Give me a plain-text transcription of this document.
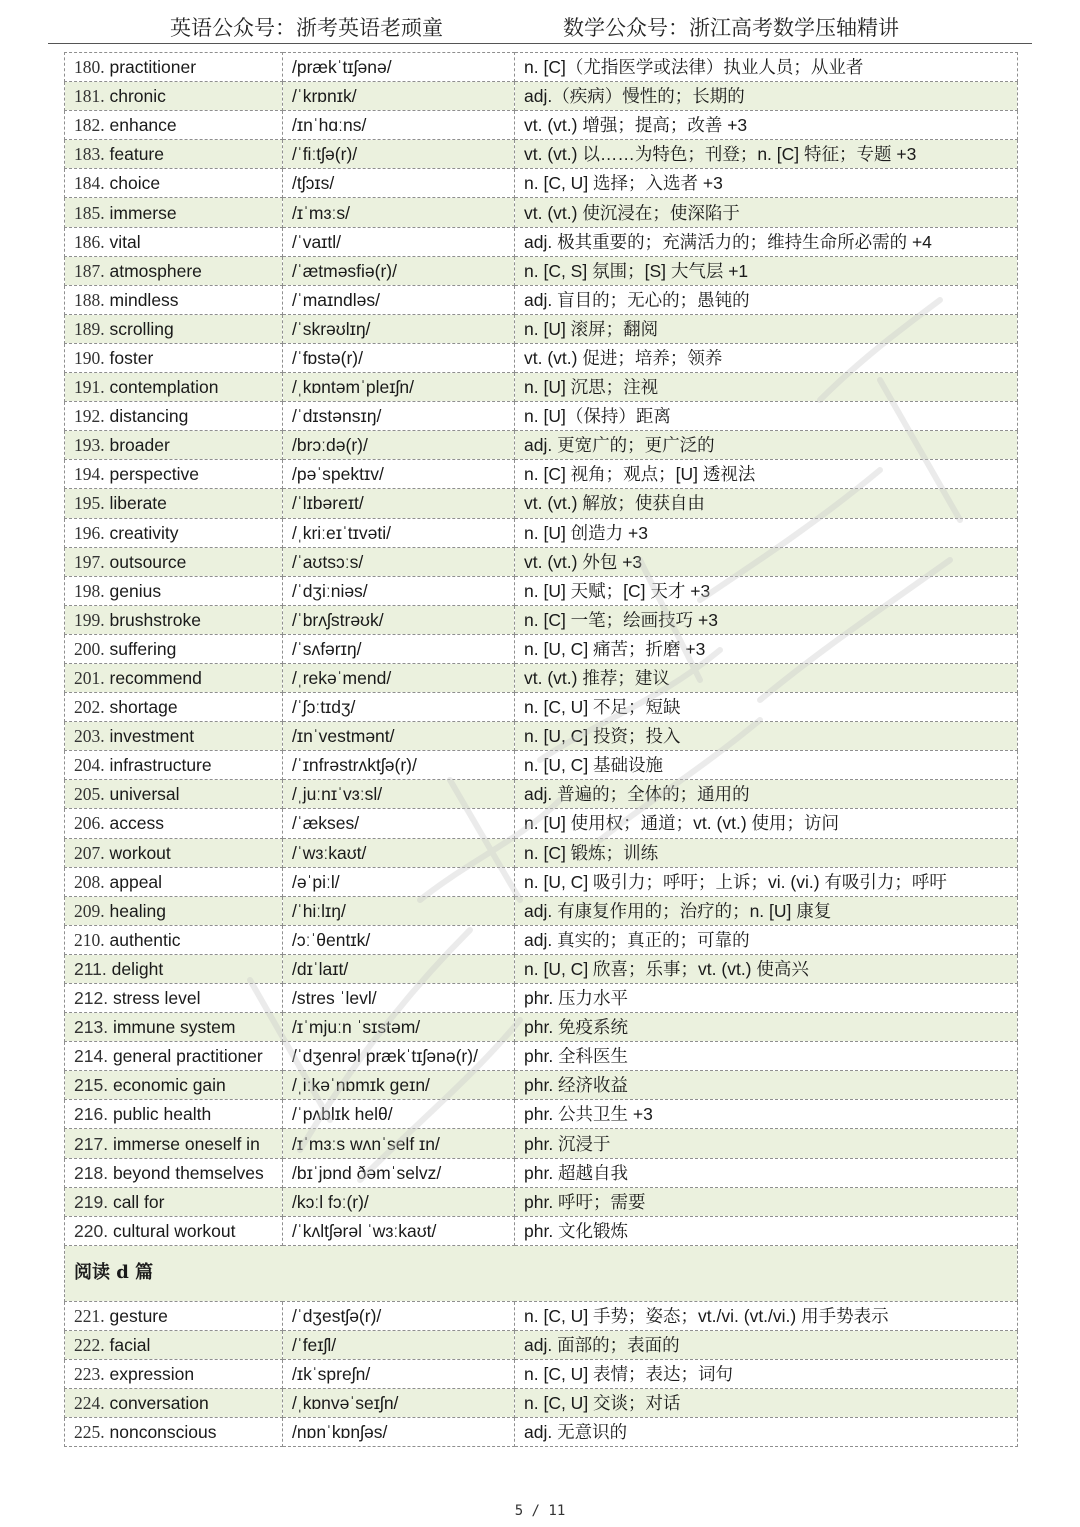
英语公众号：浙考英语老顽童	数学公众号：浙江高考数学压轴精讲
180. practitioner	/prækˈtɪʃənə/	n. [C]（尤指医学或法律）执业人员；从业者
181. chronic	/ˈkrɒnɪk/	adj.（疾病）慢性的；长期的
182. enhance	/ɪnˈhɑːns/	vt. (vt.) 增强；提高；改善 +3
183. feature	/ˈfiːtʃə(r)/	vt. (vt.) 以……为特色；刊登；n. [C] 特征；专题 +3
184. choice	/tʃɔɪs/	n. [C, U] 选择；入选者 +3
185. immerse	/ɪˈmɜːs/	vt. (vt.) 使沉浸在；使深陷于
186. vital	/ˈvaɪtl/	adj. 极其重要的；充满活力的；维持生命所必需的 +4
187. atmosphere	/ˈætməsfiə(r)/	n. [C, S] 氛围；[S] 大气层 +1
188. mindless	/ˈmaɪndləs/	adj. 盲目的；无心的；愚钝的
189. scrolling	/ˈskrəʊlɪŋ/	n. [U] 滚屏；翻阅
190. foster	/ˈfɒstə(r)/	vt. (vt.) 促进；培养；领养
191. contemplation	/ˌkɒntəmˈpleɪʃn/	n. [U] 沉思；注视
192. distancing	/ˈdɪstənsɪŋ/	n. [U]（保持）距离
193. broader	/brɔːdə(r)/	adj. 更宽广的；更广泛的
194. perspective	/pəˈspektɪv/	n. [C] 视角；观点；[U] 透视法
195. liberate	/ˈlɪbəreɪt/	vt. (vt.) 解放；使获自由
196. creativity	/ˌkriːeɪˈtɪvəti/	n. [U] 创造力 +3
197. outsource	/ˈaʊtsɔːs/	vt. (vt.) 外包 +3
198. genius	/ˈdʒiːniəs/	n. [U] 天赋；[C] 天才 +3
199. brushstroke	/ˈbrʌʃstrəʊk/	n. [C] 一笔；绘画技巧 +3
200. suffering	/ˈsʌfərɪŋ/	n. [U, C] 痛苦；折磨 +3
201. recommend	/ˌrekəˈmend/	vt. (vt.) 推荐；建议
202. shortage	/ˈʃɔːtɪdʒ/	n. [C, U] 不足；短缺
203. investment	/ɪnˈvestmənt/	n. [U, C] 投资；投入
204. infrastructure	/ˈɪnfrəstrʌktʃə(r)/	n. [U, C] 基础设施
205. universal	/ˌjuːnɪˈvɜːsl/	adj. 普遍的；全体的；通用的
206. access	/ˈækses/	n. [U] 使用权；通道；vt. (vt.) 使用；访问
207. workout	/ˈwɜːkaʊt/	n. [C] 锻炼；训练
208. appeal	/əˈpiːl/	n. [U, C] 吸引力；呼吁；上诉；vi. (vi.) 有吸引力；呼吁
209. healing	/ˈhiːlɪŋ/	adj. 有康复作用的；治疗的；n. [U] 康复
210. authentic	/ɔːˈθentɪk/	adj. 真实的；真正的；可靠的
211. delight	/dɪˈlaɪt/	n. [U, C] 欣喜；乐事；vt. (vt.) 使高兴
212. stress level	/stres ˈlevl/	phr. 压力水平
213. immune system	/ɪˈmjuːn ˈsɪstəm/	phr. 免疫系统
214. general practitioner	/ˈdʒenrəl prækˈtɪʃənə(r)/	phr. 全科医生
215. economic gain	/ˌiːkəˈnɒmɪk ɡeɪn/	phr. 经济收益
216. public health	/ˈpʌblɪk helθ/	phr. 公共卫生 +3
217. immerse oneself in	/ɪˈmɜːs wʌnˈself ɪn/	phr. 沉浸于
218. beyond themselves	/bɪˈjɒnd ðəmˈselvz/	phr. 超越自我
219. call for	/kɔːl fɔː(r)/	phr. 呼吁；需要
220. cultural workout	/ˈkʌltʃərəl ˈwɜːkaʊt/	phr. 文化锻炼
阅读 d 篇		
221. gesture	/ˈdʒestʃə(r)/	n. [C, U] 手势；姿态；vt./vi. (vt./vi.) 用手势表示
222. facial	/ˈfeɪʃl/	adj. 面部的；表面的
223. expression	/ɪkˈspreʃn/	n. [C, U] 表情；表达；词句
224. conversation	/ˌkɒnvəˈseɪʃn/	n. [C, U] 交谈；对话
225. nonconscious	/nɒnˈkɒnʃəs/	adj. 无意识的
5 / 11
